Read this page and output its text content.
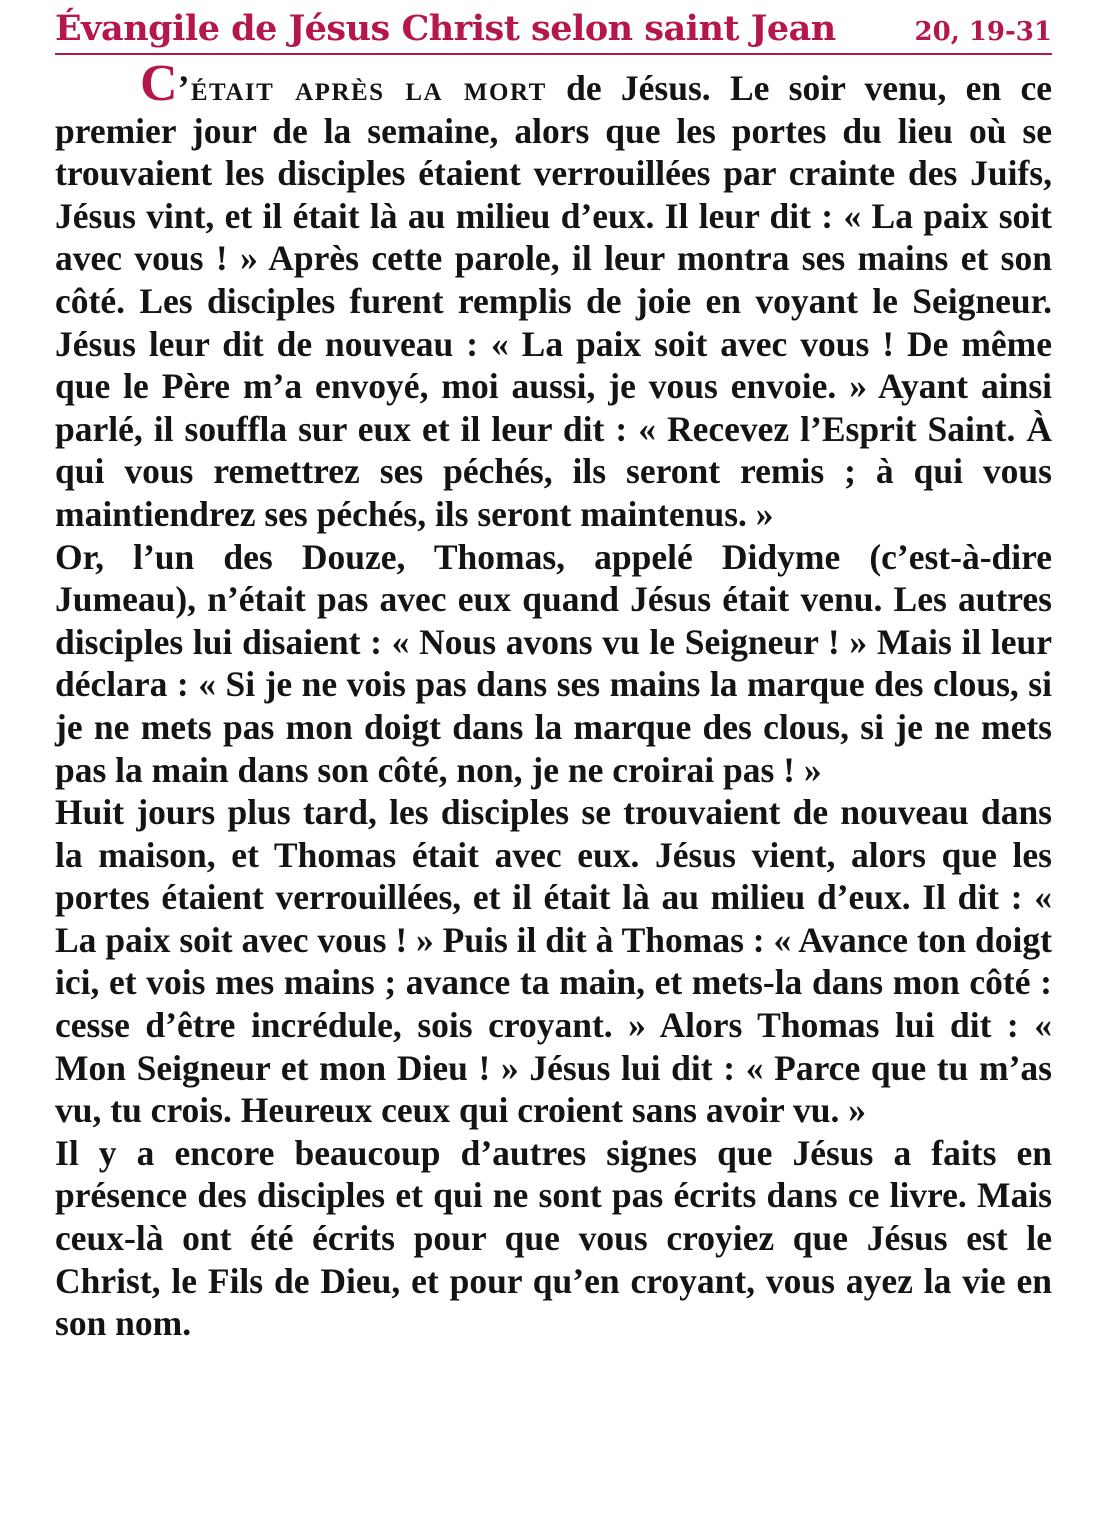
Évangile de Jésus Christ selon saint Jean	20, 19-31

C’était après la mort de Jésus. Le soir venu, en ce premier jour de la semaine, alors que les portes du lieu où se trouvaient les disciples étaient verrouillées par crainte des Juifs, Jésus vint, et il était là au milieu d’eux. Il leur dit : « La paix soit avec vous ! » Après cette parole, il leur montra ses mains et son côté. Les disciples furent remplis de joie en voyant le Seigneur. Jésus leur dit de nouveau : « La paix soit avec vous ! De même que le Père m’a envoyé, moi aussi, je vous envoie. » Ayant ainsi parlé, il souffla sur eux et il leur dit : « Recevez l’Esprit Saint. À qui vous remettrez ses péchés, ils seront remis ; à qui vous maintiendrez ses péchés, ils seront maintenus. »

Or, l’un des Douze, Thomas, appelé Didyme (c’est-à-dire Jumeau), n’était pas avec eux quand Jésus était venu. Les autres disciples lui disaient : « Nous avons vu le Seigneur ! » Mais il leur déclara : « Si je ne vois pas dans ses mains la marque des clous, si je ne mets pas mon doigt dans la marque des clous, si je ne mets pas la main dans son côté, non, je ne croirai pas ! »

Huit jours plus tard, les disciples se trouvaient de nouveau dans la maison, et Thomas était avec eux. Jésus vient, alors que les portes étaient verrouillées, et il était là au milieu d’eux. Il dit : « La paix soit avec vous ! » Puis il dit à Thomas : « Avance ton doigt ici, et vois mes mains ; avance ta main, et mets-la dans mon côté : cesse d’être incrédule, sois croyant. » Alors Thomas lui dit : « Mon Seigneur et mon Dieu ! » Jésus lui dit : « Parce que tu m’as vu, tu crois. Heureux ceux qui croient sans avoir vu. »

Il y a encore beaucoup d’autres signes que Jésus a faits en présence des disciples et qui ne sont pas écrits dans ce livre. Mais ceux-là ont été écrits pour que vous croyiez que Jésus est le Christ, le Fils de Dieu, et pour qu’en croyant, vous ayez la vie en son nom.
